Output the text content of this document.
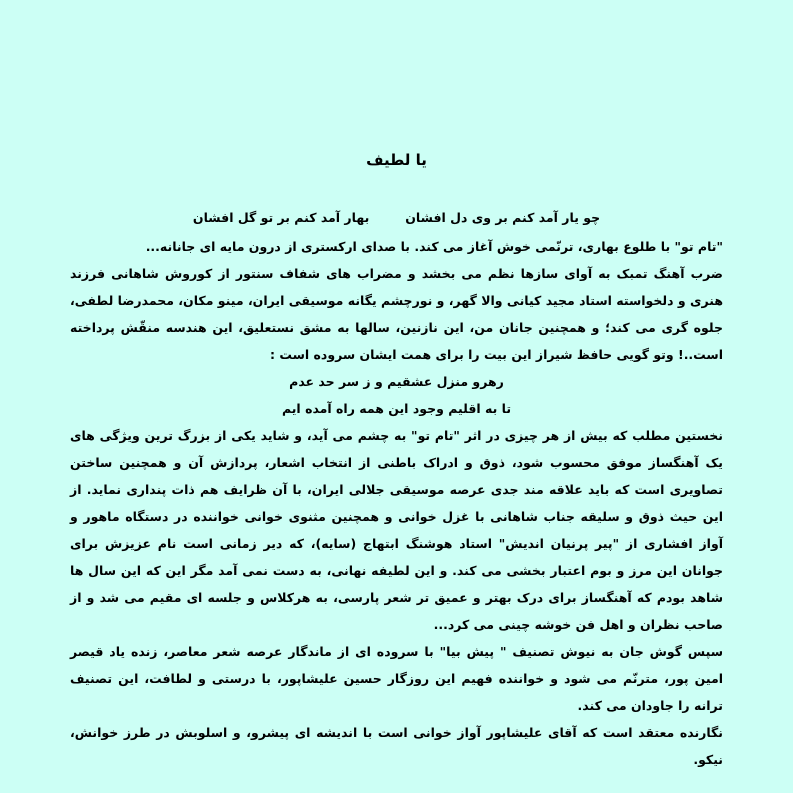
یا لطیف
چو یار آمد کنم بر وی دل افشان
بهار آمد کنم بر تو گل افشان

"تام تو" با طلوع بهاری، ترنّمی خوش آغاز می کند. با صدای ارکستری از درون مایه ای جانانه...

ضرب آهنگ تمبک به آوای سازها نظم می بخشد و مضراب های شفاف سنتور از کوروش شاهانی فرزند هنری و دلخواسته استاد مجید کیانی والا گهر، و نورچشم یگانه موسیقی ایران، مینو مکان، محمدرضا لطفی، جلوه گری می کند؛ و همچنین جانان من، این نازنین، سالها به مشق نستعلیق، این هندسه منقّش پرداخته است..! وتو گویی حافظ شیراز این بیت را برای همت ایشان سروده است :

رهرو منزل عشقیم و ز سر حد عدم

تا به اقلیم وجود این همه راه آمده ایم

نخستین مطلب که بیش از هر چیزی در اثر "تام تو" به چشم می آید، و شاید یکی از بزرگ ترین ویژگی های یک آهنگساز موفق محسوب شود، ذوق و ادراک باطنی از انتخاب اشعار، پردازش آن و همچنین ساختن تصاویری است که باید علاقه مند جدی عرصه موسیقی جلالی ایران، با آن ظرایف هم ذات پنداری نماید. از این حیث ذوق و سلیقه جناب شاهانی با غزل خوانی و همچنین مثنوی خوانی خواننده در دستگاه ماهور و آواز افشاری از "پیر پرنیان اندیش" استاد هوشنگ ابتهاج (سایه)، که دیر زمانی است نام عزیزش برای جوانان این مرز و بوم اعتبار بخشی می کند. و این لطیفه نهانی، به دست نمی آمد مگر این که این سال ها شاهد بودم که آهنگساز برای درک بهتر و عمیق تر شعر پارسی، به هرکلاس و جلسه ای مقیم می شد و از صاحب نظران و اهل فن خوشه چینی می کرد...

سپس گوش جان به نیوش تصنیف " پیش بیا" با سروده ای از ماندگار عرصه شعر معاصر، زنده یاد قیصر امین پور، مترنّم می شود و خواننده فهیم این روزگار حسین علیشاپور، با درستی و لطافت، این تصنیف ترانه را جاودان می کند.

نگارنده معتقد است که آقای علیشاپور آواز خوانی است با اندیشه ای پیشرو، و اسلوبش در طرز خوانش، نیکو.
